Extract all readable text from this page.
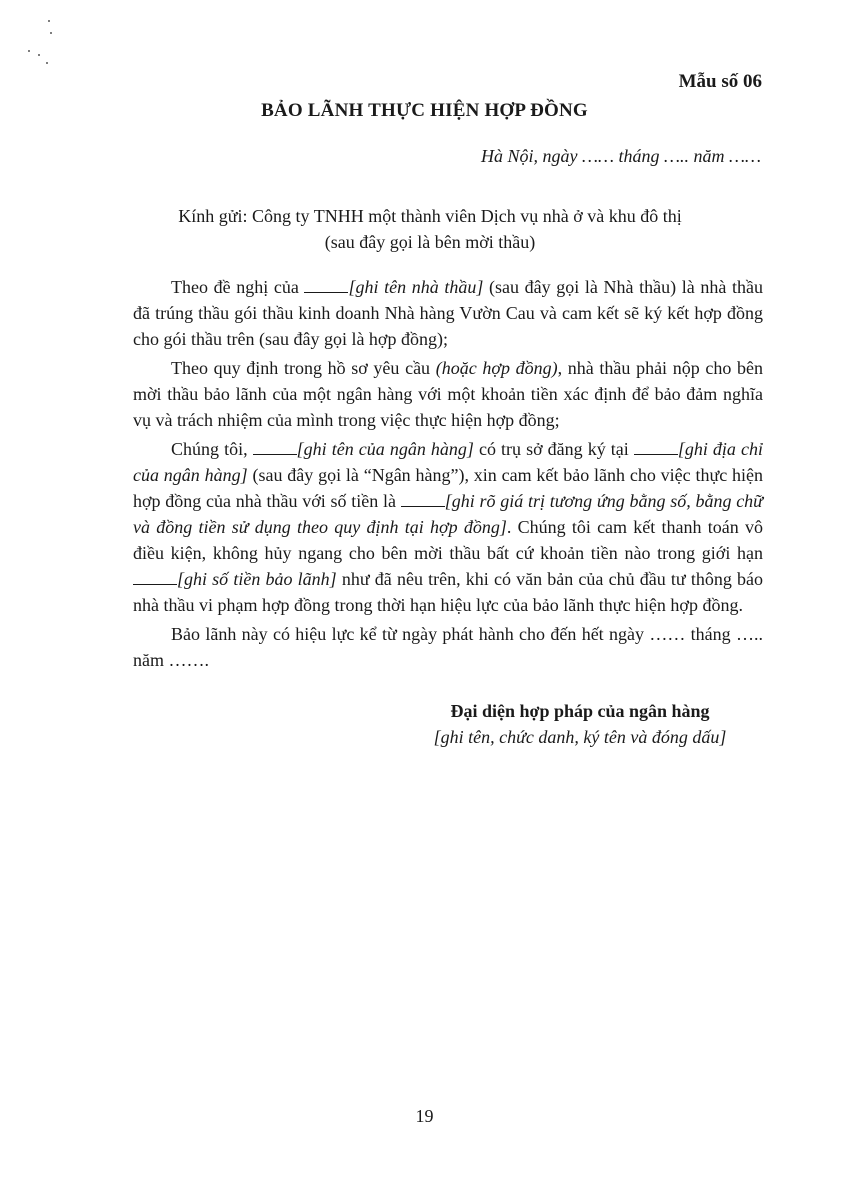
Mẫu số 06
BẢO LÃNH THỰC HIỆN HỢP ĐỒNG
Hà Nội, ngày …… tháng ….. năm ……
Kính gửi: Công ty TNHH một thành viên Dịch vụ nhà ở và khu đô thị
(sau đây gọi là bên mời thầu)

Theo đề nghị của [ghi tên nhà thầu] (sau đây gọi là Nhà thầu) là nhà thầu đã trúng thầu gói thầu kinh doanh Nhà hàng Vườn Cau và cam kết sẽ ký kết hợp đồng cho gói thầu trên (sau đây gọi là hợp đồng);

Theo quy định trong hồ sơ yêu cầu (hoặc hợp đồng), nhà thầu phải nộp cho bên mời thầu bảo lãnh của một ngân hàng với một khoản tiền xác định để bảo đảm nghĩa vụ và trách nhiệm của mình trong việc thực hiện hợp đồng;

Chúng tôi, [ghi tên của ngân hàng] có trụ sở đăng ký tại [ghi địa chỉ của ngân hàng] (sau đây gọi là “Ngân hàng”), xin cam kết bảo lãnh cho việc thực hiện hợp đồng của nhà thầu với số tiền là [ghi rõ giá trị tương ứng bằng số, bằng chữ và đồng tiền sử dụng theo quy định tại hợp đồng]. Chúng tôi cam kết thanh toán vô điều kiện, không hủy ngang cho bên mời thầu bất cứ khoản tiền nào trong giới hạn [ghi số tiền bảo lãnh] như đã nêu trên, khi có văn bản của chủ đầu tư thông báo nhà thầu vi phạm hợp đồng trong thời hạn hiệu lực của bảo lãnh thực hiện hợp đồng.

Bảo lãnh này có hiệu lực kể từ ngày phát hành cho đến hết ngày …… tháng ….. năm …….

Đại diện hợp pháp của ngân hàng
[ghi tên, chức danh, ký tên và đóng dấu]
19
